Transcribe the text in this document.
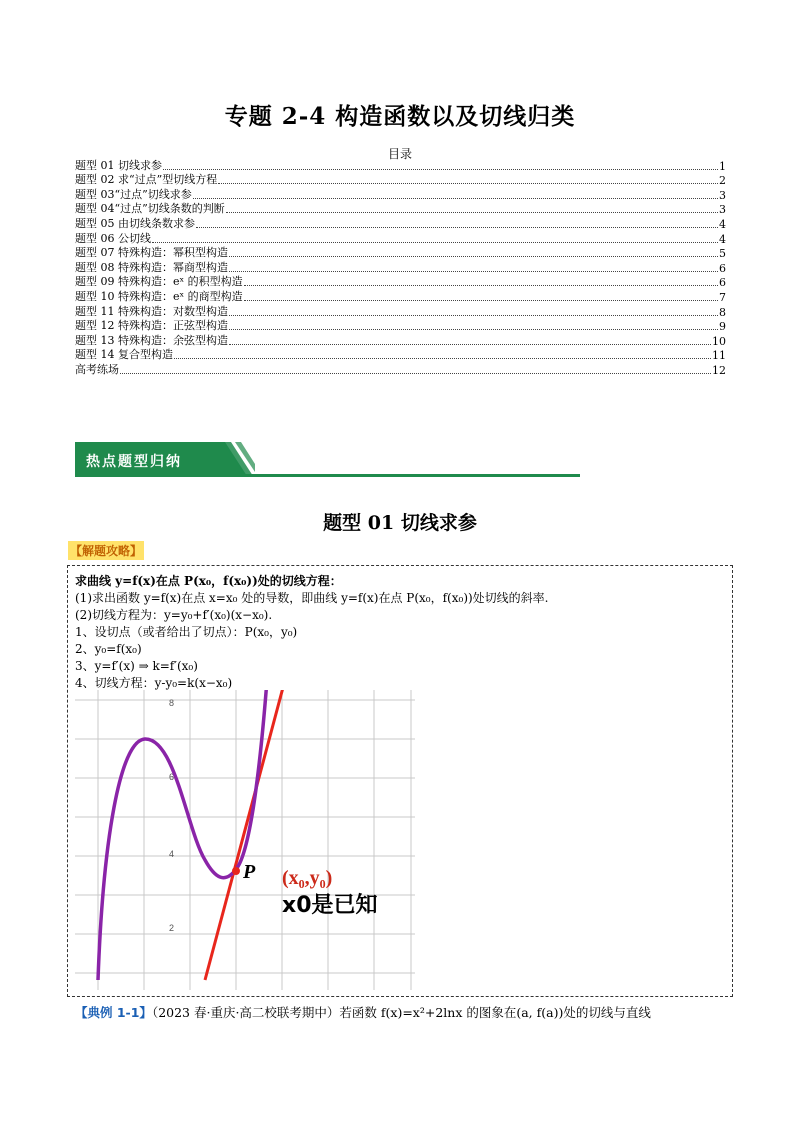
专题 2-4 构造函数以及切线归类
目录
题型 01 切线求参	1
题型 02 求“过点”型切线方程	2
题型 03“过点”切线求参	3
题型 04“过点”切线条数的判断	3
题型 05 由切线条数求参	4
题型 06 公切线	4
题型 07 特殊构造：幂积型构造	5
题型 08 特殊构造：幂商型构造	6
题型 09 特殊构造：eˣ 的积型构造	6
题型 10 特殊构造：eˣ 的商型构造	7
题型 11 特殊构造：对数型构造	8
题型 12 特殊构造：正弦型构造	9
题型 13 特殊构造：余弦型构造	10
题型 14 复合型构造	11
高考练场	12
热点题型归纳
题型 01 切线求参
【解题攻略】
求曲线 y=f(x)在点 P(x₀，f(x₀))处的切线方程：
(1)求出函数 y=f(x)在点 x=x₀ 处的导数，即曲线 y=f(x)在点 P(x₀，f(x₀))处切线的斜率.
(2)切线方程为：y=y₀+f′(x₀)(x−x₀).
1、设切点（或者给出了切点）：P(x₀，y₀)
2、y₀=f(x₀)
3、y=f′(x) ⇒ k=f′(x₀)
4、切线方程：y-y₀=k(x−x₀)
8
6
4
2
P (x₀,y₀)
x0是已知
【典例 1-1】（2023 春·重庆·高二校联考期中）若函数 f(x)=x²+2lnx 的图象在(a, f(a))处的切线与直线
